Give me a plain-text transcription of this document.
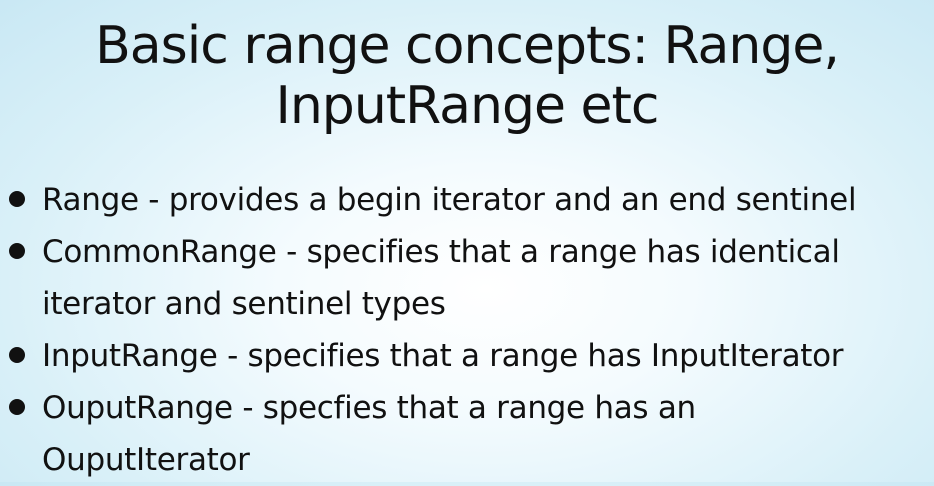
Basic range concepts: Range,
InputRange etc
Range - provides a begin iterator and an end sentinel
CommonRange - specifies that a range has identical
iterator and sentinel types
InputRange - specifies that a range has InputIterator
OuputRange - specfies that a range has an
OuputIterator
